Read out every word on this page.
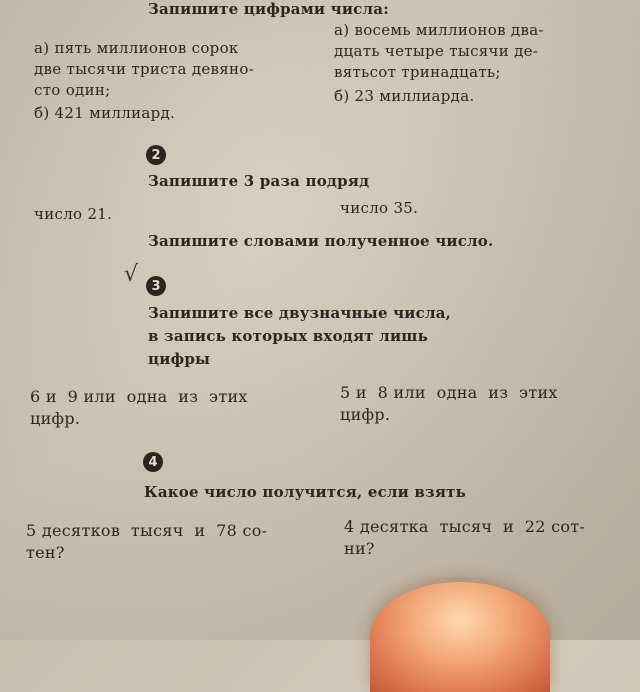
Запишите цифрами числа:
а) пять миллионов сорок
две тысячи триста девяно-
сто один;
б) 421 миллиард.
а) восемь миллионов два-
дцать четыре тысячи де-
вятьсот тринадцать;
б) 23 миллиарда.
2
Запишите 3 раза подряд
число 21.	число 35.
Запишите словами полученное число.
√	3
Запишите все двузначные числа,
в запись которых входят лишь
цифры
6 и  9 или  одна  из  этих
цифр.
5 и  8 или  одна  из  этих
цифр.
4
Какое число получится, если взять
5 десятков  тысяч  и  78 со-
тен?
4 десятка  тысяч  и  22 сот-
ни?
